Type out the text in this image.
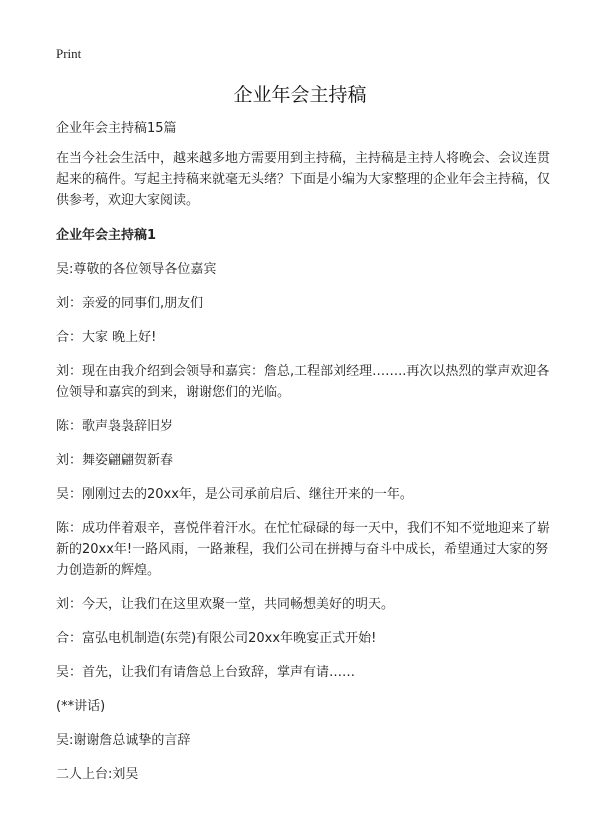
Print
企业年会主持稿

企业年会主持稿15篇

在当今社会生活中，越来越多地方需要用到主持稿，主持稿是主持人将晚会、会议连贯起来的稿件。写起主持稿来就毫无头绪？下面是小编为大家整理的企业年会主持稿，仅供参考，欢迎大家阅读。

企业年会主持稿1

吴:尊敬的各位领导各位嘉宾

刘：亲爱的同事们,朋友们

合：大家 晚上好!

刘：现在由我介绍到会领导和嘉宾：詹总,工程部刘经理……..再次以热烈的掌声欢迎各位领导和嘉宾的到来，谢谢您们的光临。

陈：歌声袅袅辞旧岁

刘：舞姿翩翩贺新春

吴：刚刚过去的20xx年，是公司承前启后、继往开来的一年。

陈：成功伴着艰辛，喜悦伴着汗水。在忙忙碌碌的每一天中，我们不知不觉地迎来了崭新的20xx年!一路风雨，一路兼程，我们公司在拼搏与奋斗中成长，希望通过大家的努力创造新的辉煌。

刘：今天，让我们在这里欢聚一堂，共同畅想美好的明天。

合：富弘电机制造(东莞)有限公司20xx年晚宴正式开始!

吴：首先，让我们有请詹总上台致辞，掌声有请……

(**讲话)

吴:谢谢詹总诚挚的言辞

二人上台:刘吴
